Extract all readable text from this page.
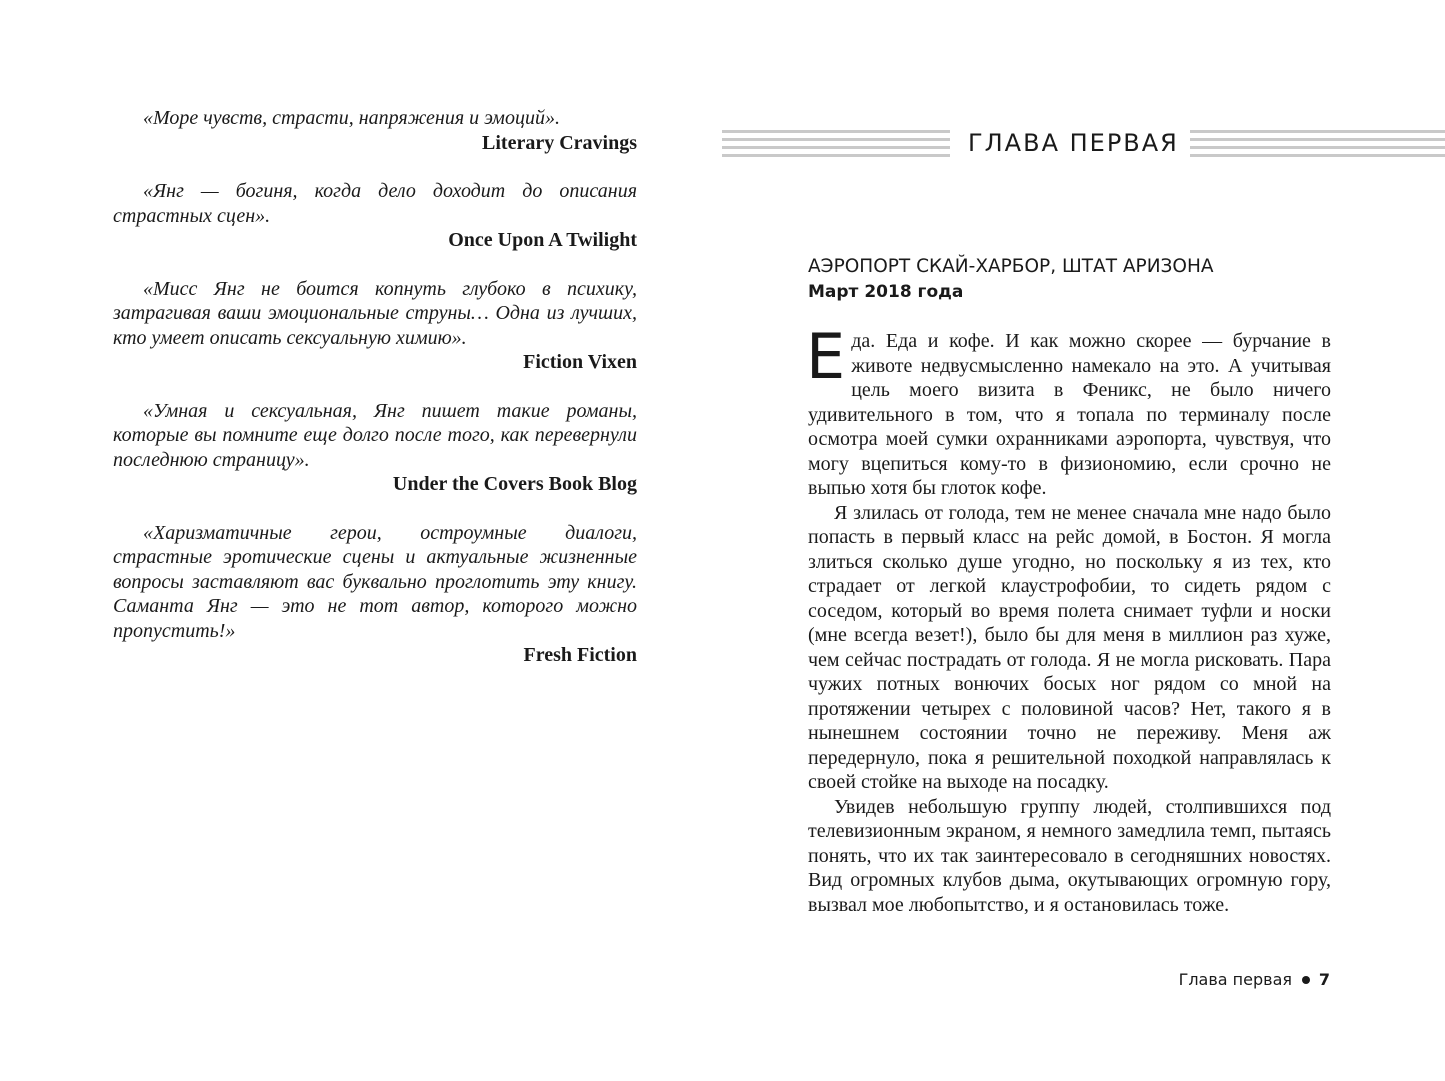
«Море чувств, страсти, напряжения и эмоций».

Literary Cravings

«Янг — богиня, когда дело доходит до описания страстных сцен».

Once Upon A Twilight

«Мисс Янг не боится копнуть глубоко в психику, затрагивая ваши эмоциональные струны… Одна из лучших, кто умеет описать сексуальную химию».

Fiction Vixen

«Умная и сексуальная, Янг пишет такие романы, которые вы помните еще долго после того, как перевернули последнюю страницу».

Under the Covers Book Blog

«Харизматичные герои, остроумные диалоги, страстные эротические сцены и актуальные жизненные вопросы заставляют вас буквально проглотить эту книгу. Саманта Янг — это не тот автор, которого можно пропустить!»

Fresh Fiction

ГЛАВА ПЕРВАЯ
АЭРОПОРТ СКАЙ-ХАРБОР, ШТАТ АРИЗОНА
Март 2018 года

Еда. Еда и кофе. И как можно скорее — бурчание в животе недвусмысленно намекало на это. А учитывая цель моего визита в Феникс, не было ничего удивительного в том, что я топала по терминалу после осмотра моей сумки охранниками аэропорта, чувствуя, что могу вцепиться кому-то в физиономию, если срочно не выпью хотя бы глоток кофе.

Я злилась от голода, тем не менее сначала мне надо было попасть в первый класс на рейс домой, в Бостон. Я могла злиться сколько душе угодно, но поскольку я из тех, кто страдает от легкой клаустрофобии, то сидеть рядом с соседом, который во время полета снимает туфли и носки (мне всегда везет!), было бы для меня в миллион раз хуже, чем сейчас пострадать от голода. Я не могла рисковать. Пара чужих потных вонючих босых ног рядом со мной на протяжении четырех с половиной часов? Нет, такого я в нынешнем состоянии точно не переживу. Меня аж передернуло, пока я решительной походкой направлялась к своей стойке на выходе на посадку.

Увидев небольшую группу людей, столпившихся под телевизионным экраном, я немного замедлила темп, пытаясь понять, что их так заинтересовало в сегодняшних новостях. Вид огромных клубов дыма, окутывающих огромную гору, вызвал мое любопытство, и я остановилась тоже.

Глава первая 7
